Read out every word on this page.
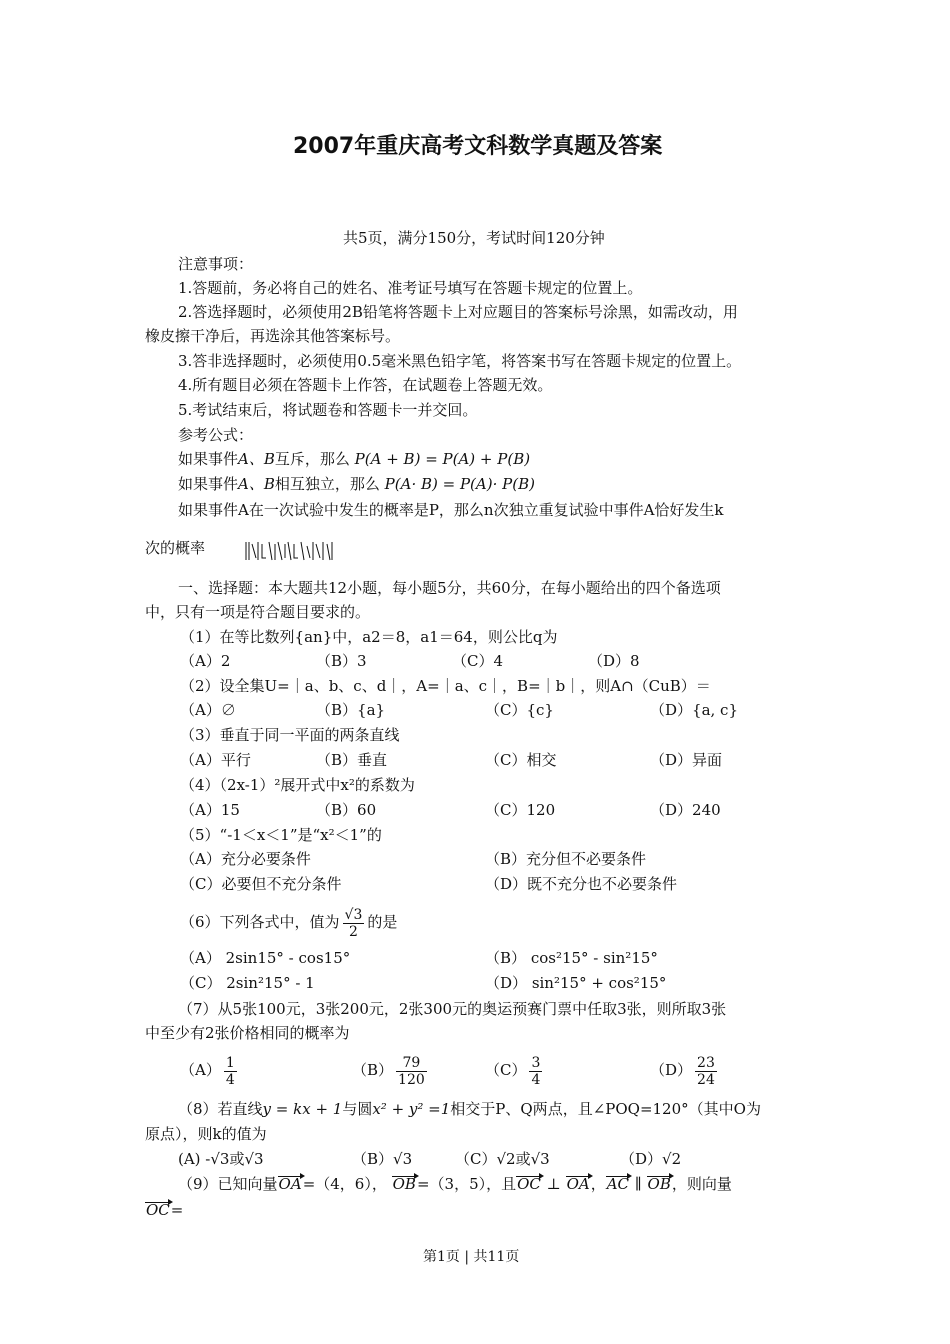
2007年重庆高考文科数学真题及答案
共5页，满分150分，考试时间120分钟
注意事项：
1.答题前，务必将自己的姓名、准考证号填写在答题卡规定的位置上。
2.答选择题时，必须使用2B铅笔将答题卡上对应题目的答案标号涂黑，如需改动，用
橡皮擦干净后，再选涂其他答案标号。
3.答非选择题时，必须使用0.5毫米黑色铅字笔，将答案书写在答题卡规定的位置上。
4.所有题目必须在答题卡上作答，在试题卷上答题无效。
5.考试结束后，将试题卷和答题卡一并交回。
参考公式：
如果事件A、B互斥，那么 P(A + B) = P(A) + P(B)
如果事件A、B相互独立，那么 P(A· B) = P(A)· P(B)
如果事件A在一次试验中发生的概率是P，那么n次独立重复试验中事件A恰好发生k
次的概率
一、选择题：本大题共12小题，每小题5分，共60分，在每小题给出的四个备选项
中，只有一项是符合题目要求的。
（1）在等比数列{an}中，a2＝8，a1＝64，则公比q为
（A）2	（B）3	（C）4	（D）8
（2）设全集U=｜a、b、c、d｜，A=｜a、c｜，B=｜b｜，则A∩（CuB）＝
（A）∅	（B）{a}	（C）{c}	（D）{a, c}
（3）垂直于同一平面的两条直线
（A）平行	（B）垂直	（C）相交	（D）异面
（4）（2x-1）²展开式中x²的系数为
（A）15	（B）60	（C）120	（D）240
（5）“-1＜x＜1”是“x²＜1”的
（A）充分必要条件	（B）充分但不必要条件
（C）必要但不充分条件	（D）既不充分也不必要条件
（6）下列各式中，值为 $\frac{√3}{2}$ 的是
（A） 2sin15° - cos15°	（B） cos²15° - sin²15°
（C） 2sin²15° - 1	（D） sin²15° + cos²15°
（7）从5张100元，3张200元，2张300元的奥运预赛门票中任取3张，则所取3张
中至少有2张价格相同的概率为
$(A) \frac{1}{4}$	$(B) \frac{79}{120}$	$(C) \frac{3}{4}$	$(D) \frac{23}{24}$
（8）若直线y = kx + 1与圆x² + y² =1相交于P、Q两点，且∠POQ=120°（其中O为
原点），则k的值为
(A) -√3或√3	（B）√3	（C）√2或√3	（D）√2
（9）已知向量OA=（4，6）， OB=（3，5），且OC ⊥ OA，AC ∥ OB，则向量
OC=
第1页 | 共11页
